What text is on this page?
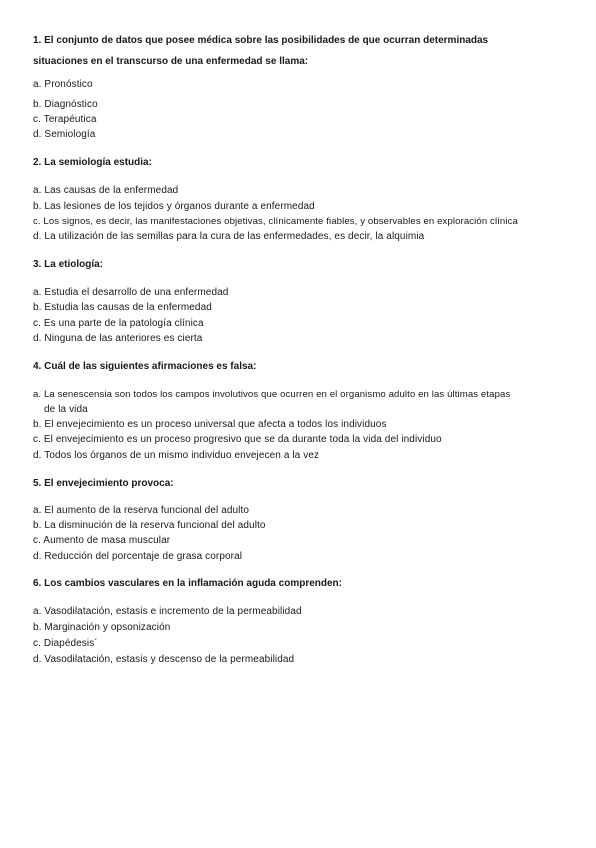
1. El conjunto de datos que posee médica sobre las posibilidades de que ocurran determinadas
situaciones en el transcurso de una enfermedad se llama:
a. Pronóstico
b. Diagnóstico
c. Terapéutica
d. Semiología
2. La semiología estudia:
a. Las causas de la enfermedad
b. Las lesiones de los tejidos y órganos durante a enfermedad
c. Los signos, es decir, las manifestaciones objetivas, clínicamente fiables, y observables en exploración clínica
d. La utilización de las semillas para la cura de las enfermedades, es decir, la alquimia
3. La etiología:
a. Estudia el desarrollo de una enfermedad
b. Estudia las causas de la enfermedad
c. Es una parte de la patología clínica
d. Ninguna de las anteriores es cierta
4. Cuál de las siguientes afirmaciones es falsa:
a. La senescensia son todos los campos involutivos que ocurren en el organismo adulto en las últimas etapas
de la vida
b. El envejecimiento es un proceso universal que afecta a todos los individuos
c. El envejecimiento es un proceso progresivo que se da durante toda la vida del individuo
d. Todos los órganos de un mismo individuo envejecen a la vez
5. El envejecimiento provoca:
a. El aumento de la reserva funcional del adulto
b. La disminución de la reserva funcional del adulto
c. Aumento de masa muscular
d. Reducción del porcentaje de grasa corporal
6. Los cambios vasculares en la inflamación aguda comprenden:
a. Vasodilatación, estasis e incremento de la permeabilidad
b. Marginación y opsonización
c. Diapédesis´
d. Vasodilatación, estasis y descenso de la permeabilidad
